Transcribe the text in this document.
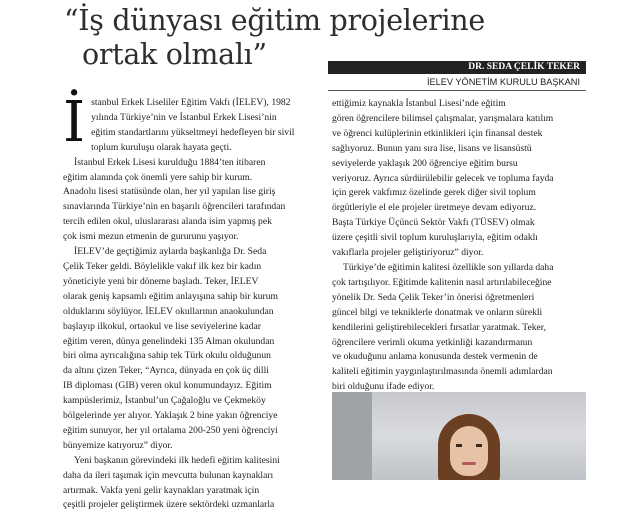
“İş dünyası eğitim projelerine
ortak olmalı”	DR. SEDA ÇELİK TEKER
İELEV YÖNETİM KURULU BAŞKANI
İ stanbul Erkek Liseliler Eğitim Vakfı (İELEV), 1982

yılında Türkiye’nin ve İstanbul Erkek Lisesi’nin

eğitim standartlarını yükseltmeyi hedefleyen bir sivil

toplum kuruluşu olarak hayata geçti.

İstanbul Erkek Lisesi kurulduğu 1884’ten itibaren

eğitim alanında çok önemli yere sahip bir kurum.

Anadolu lisesi statüsünde olan, her yıl yapılan lise giriş

sınavlarında Türkiye’nin en başarılı öğrencileri tarafından

tercih edilen okul, uluslararası alanda isim yapmış pek

çok ismi mezun etmenin de gururunu yaşıyor.

İELEV’de geçtiğimiz aylarda başkanlığa Dr. Seda

Çelik Teker geldi. Böylelikle vakıf ilk kez bir kadın

yöneticiyle yeni bir döneme başladı. Teker, İELEV

olarak geniş kapsamlı eğitim anlayışına sahip bir kurum

olduklarını söylüyor. İELEV okullarının anaokulundan

başlayıp ilkokul, ortaokul ve lise seviyelerine kadar

eğitim veren, dünya genelindeki 135 Alman okulundan

biri olma ayrıcalığına sahip tek Türk okulu olduğunun

da altını çizen Teker, “Ayrıca, dünyada en çok üç dilli

IB diploması (GIB) veren okul konumundayız. Eğitim

kampüslerimiz, İstanbul’un Çağaloğlu ve Çekmeköy

bölgelerinde yer alıyor. Yaklaşık 2 bine yakın öğrenciye

eğitim sunuyor, her yıl ortalama 200-250 yeni öğrenciyi

bünyemize katıyoruz” diyor.

Yeni başkanın görevindeki ilk hedefi eğitim kalitesini

daha da ileri taşımak için mevcutta bulunan kaynakları

artırmak. Vakfa yeni gelir kaynakları yaratmak için

çeşitli projeler geliştirmek üzere sektördeki uzmanlarla

ettiğimiz kaynakla İstanbul Lisesi’nde eğitim

gören öğrencilere bilimsel çalışmalar, yarışmalara katılım

ve öğrenci kulüplerinin etkinlikleri için finansal destek

sağlıyoruz. Bunun yanı sıra lise, lisans ve lisansüstü

seviyelerde yaklaşık 200 öğrenciye eğitim bursu

veriyoruz. Ayrıca sürdürülebilir gelecek ve topluma fayda

için gerek vakfımız özelinde gerek diğer sivil toplum

örgütleriyle el ele projeler üretmeye devam ediyoruz.

Başta Türkiye Üçüncü Sektör Vakfı (TÜSEV) olmak

üzere çeşitli sivil toplum kuruluşlarıyla, eğitim odaklı

vakıflarla projeler geliştiriyoruz” diyor.

Türkiye’de eğitimin kalitesi özellikle son yıllarda daha

çok tartışılıyor. Eğitimde kalitenin nasıl artırılabileceğine

yönelik Dr. Seda Çelik Teker’in önerisi öğretmenleri

güncel bilgi ve tekniklerle donatmak ve onların sürekli

kendilerini geliştirebilecekleri fırsatlar yaratmak. Teker,

öğrencilere verimli okuma yetkinliği kazandırmanın

ve okuduğunu anlama konusunda destek vermenin de

kaliteli eğitimin yaygınlaştırılmasında önemli adımlardan

biri olduğunu ifade ediyor.
